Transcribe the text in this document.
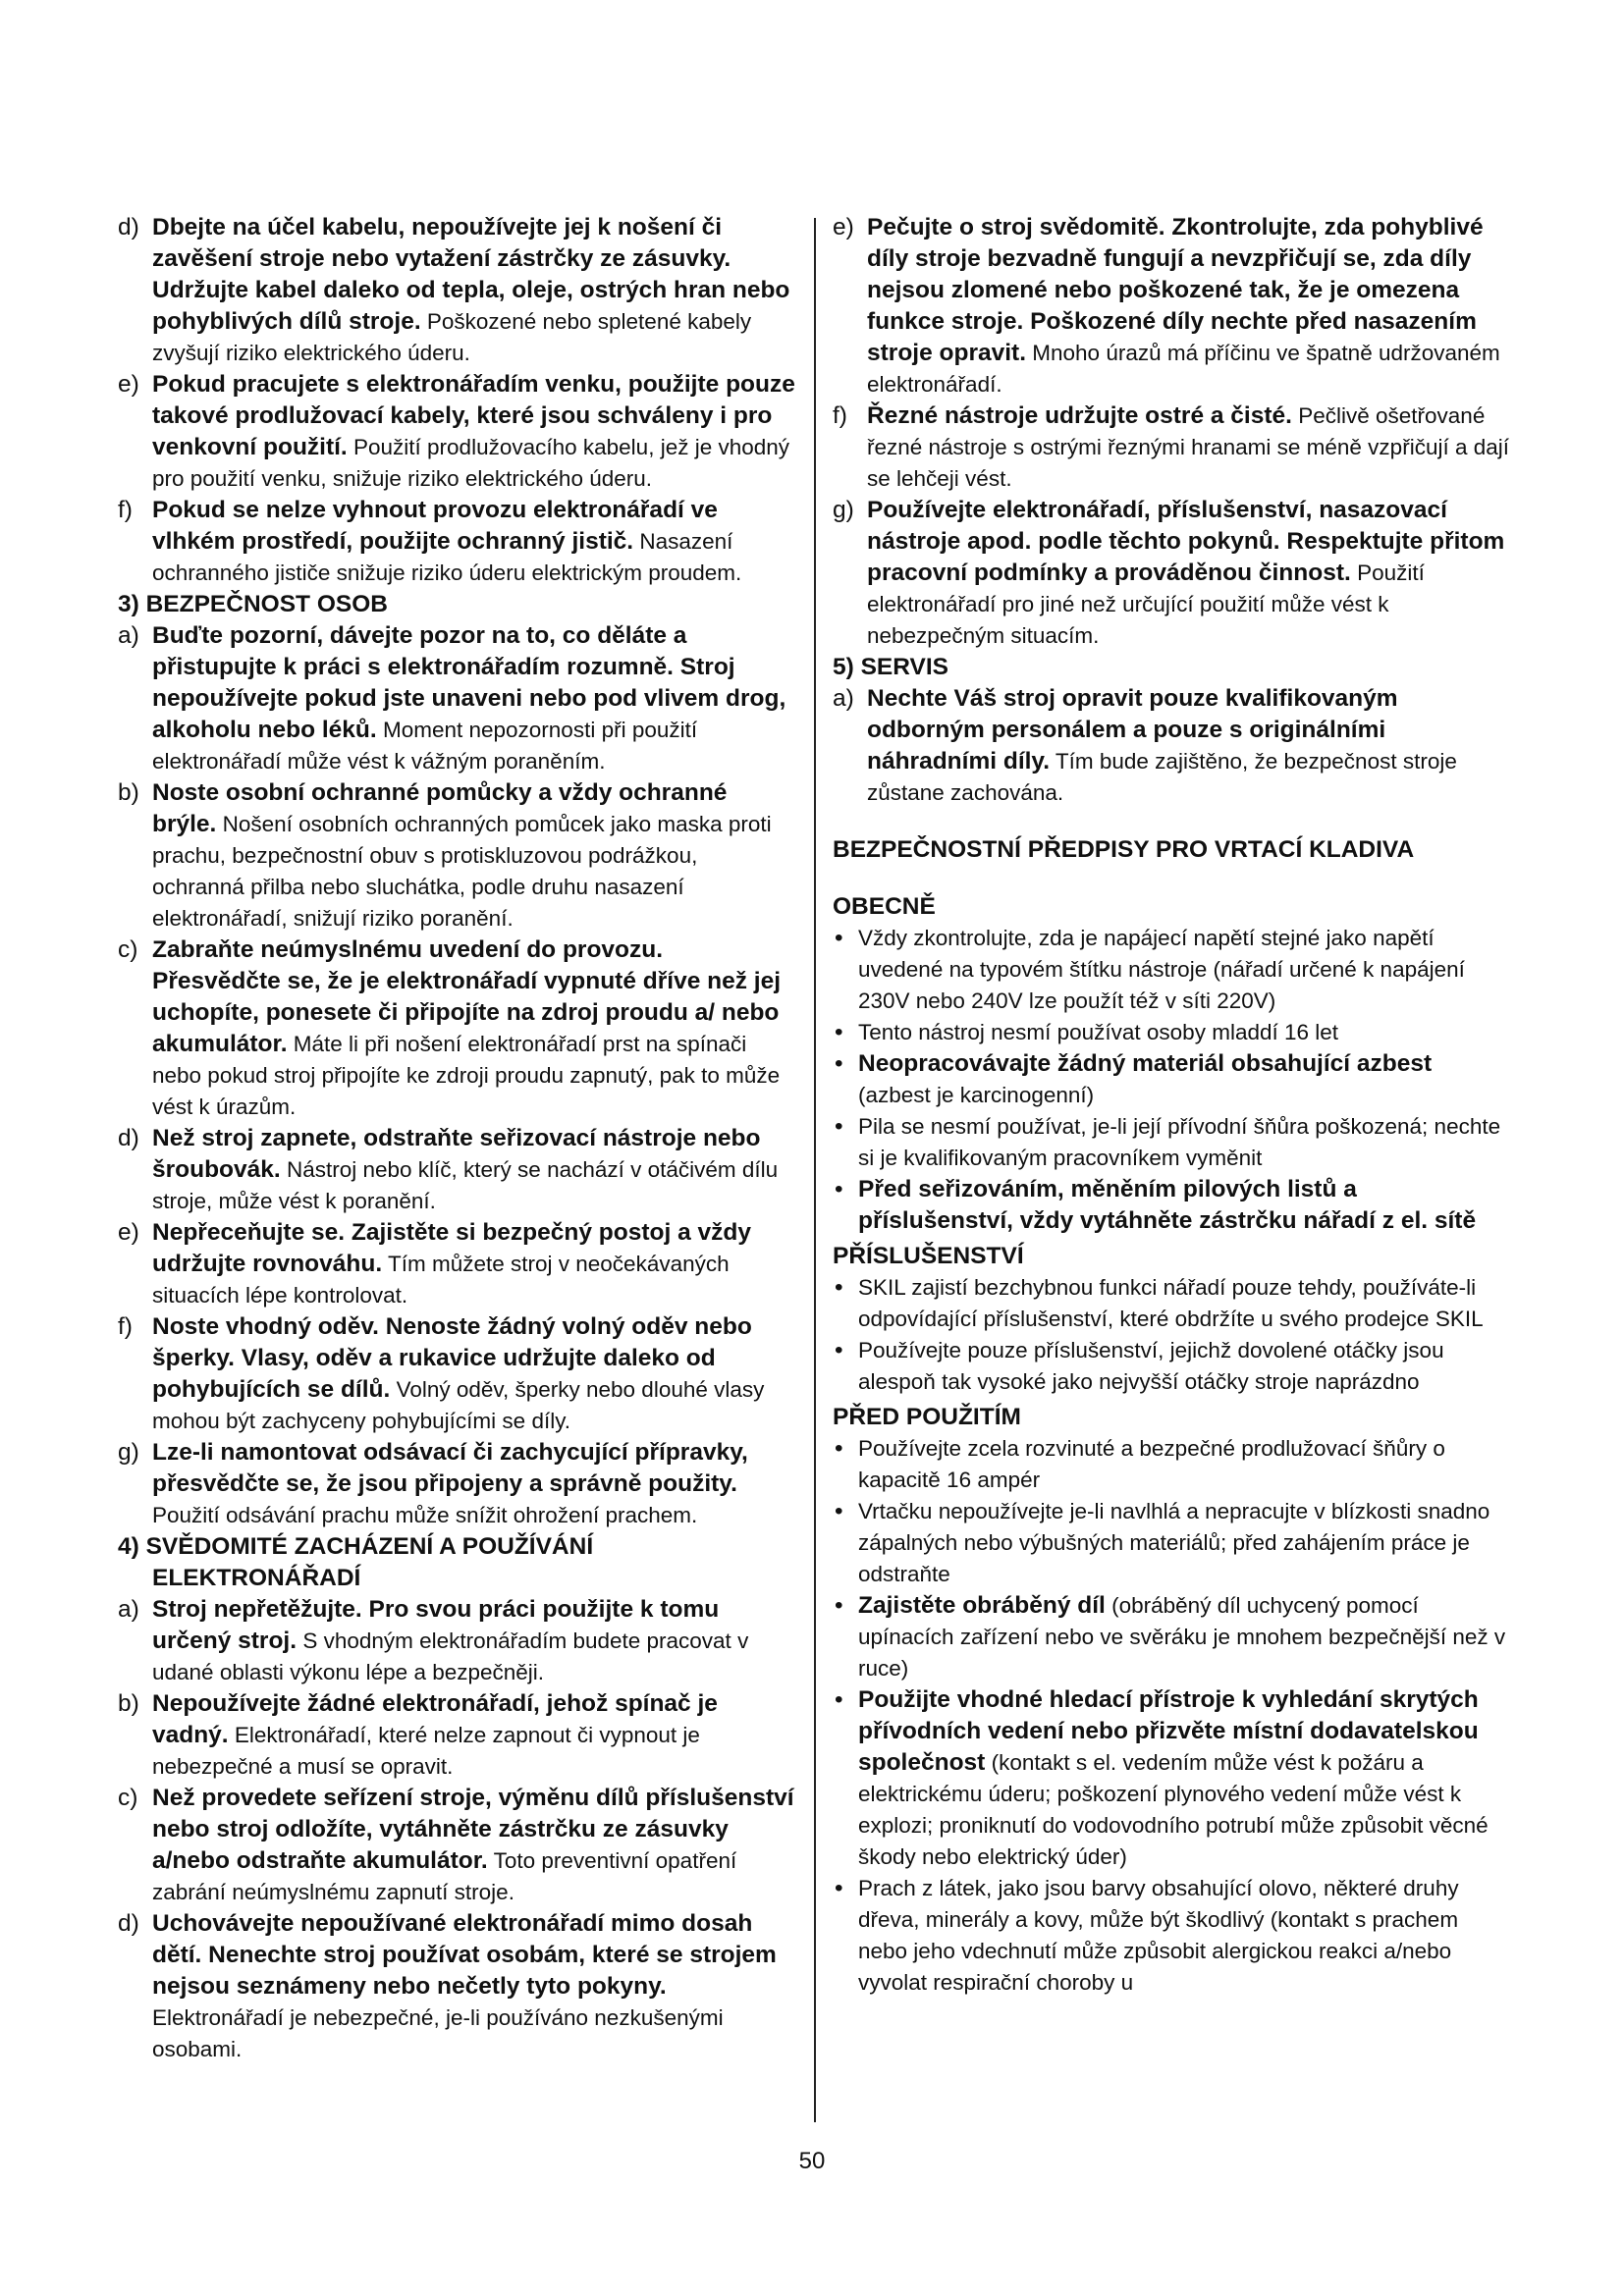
d) Dbejte na účel kabelu, nepoužívejte jej k nošení či zavěšení stroje nebo vytažení zástrčky ze zásuvky. Udržujte kabel daleko od tepla, oleje, ostrých hran nebo pohyblivých dílů stroje. Poškozené nebo spletené kabely zvyšují riziko elektrického úderu.
e) Pokud pracujete s elektronářadím venku, použijte pouze takové prodlužovací kabely, které jsou schváleny i pro venkovní použití. Použití prodlužovacího kabelu, jež je vhodný pro použití venku, snižuje riziko elektrického úderu.
f) Pokud se nelze vyhnout provozu elektronářadí ve vlhkém prostředí, použijte ochranný jistič. Nasazení ochranného jističe snižuje riziko úderu elektrickým proudem.
3) BEZPEČNOST OSOB
a) Buďte pozorní, dávejte pozor na to, co děláte a přistupujte k práci s elektronářadím rozumně. Stroj nepoužívejte pokud jste unaveni nebo pod vlivem drog, alkoholu nebo léků. Moment nepozornosti při použití elektronářadí může vést k vážným poraněním.
b) Noste osobní ochranné pomůcky a vždy ochranné brýle. Nošení osobních ochranných pomůcek jako maska proti prachu, bezpečnostní obuv s protiskluzovou podrážkou, ochranná přilba nebo sluchátka, podle druhu nasazení elektronářadí, snižují riziko poranění.
c) Zabraňte neúmyslnému uvedení do provozu. Přesvědčte se, že je elektronářadí vypnuté dříve než jej uchopíte, ponesete či připojíte na zdroj proudu a/ nebo akumulátor. Máte li při nošení elektronářadí prst na spínači nebo pokud stroj připojíte ke zdroji proudu zapnutý, pak to může vést k úrazům.
d) Než stroj zapnete, odstraňte seřizovací nástroje nebo šroubovák. Nástroj nebo klíč, který se nachází v otáčivém dílu stroje, může vést k poranění.
e) Nepřeceňujte se. Zajistěte si bezpečný postoj a vždy udržujte rovnováhu. Tím můžete stroj v neočekávaných situacích lépe kontrolovat.
f) Noste vhodný oděv. Nenoste žádný volný oděv nebo šperky. Vlasy, oděv a rukavice udržujte daleko od pohybujících se dílů. Volný oděv, šperky nebo dlouhé vlasy mohou být zachyceny pohybujícími se díly.
g) Lze-li namontovat odsávací či zachycující přípravky, přesvědčte se, že jsou připojeny a správně použity. Použití odsávání prachu může snížit ohrožení prachem.
4) SVĚDOMITÉ ZACHÁZENÍ A POUŽÍVÁNÍ ELEKTRONÁŘADÍ
a) Stroj nepřetěžujte. Pro svou práci použijte k tomu určený stroj. S vhodným elektronářadím budete pracovat v udané oblasti výkonu lépe a bezpečněji.
b) Nepoužívejte žádné elektronářadí, jehož spínač je vadný. Elektronářadí, které nelze zapnout či vypnout je nebezpečné a musí se opravit.
c) Než provedete seřízení stroje, výměnu dílů příslušenství nebo stroj odložíte, vytáhněte zástrčku ze zásuvky a/nebo odstraňte akumulátor. Toto preventivní opatření zabrání neúmyslnému zapnutí stroje.
d) Uchovávejte nepoužívané elektronářadí mimo dosah dětí. Nenechte stroj používat osobám, které se strojem nejsou seznámeny nebo nečetly tyto pokyny. Elektronářadí je nebezpečné, je-li používáno nezkušenými osobami.
e) Pečujte o stroj svědomitě. Zkontrolujte, zda pohyblivé díly stroje bezvadně fungují a nevzpřičují se, zda díly nejsou zlomené nebo poškozené tak, že je omezena funkce stroje. Poškozené díly nechte před nasazením stroje opravit. Mnoho úrazů má příčinu ve špatně udržovaném elektronářadí.
f) Řezné nástroje udržujte ostré a čisté. Pečlivě ošetřované řezné nástroje s ostrými řeznými hranami se méně vzpřičují a dají se lehčeji vést.
g) Používejte elektronářadí, příslušenství, nasazovací nástroje apod. podle těchto pokynů. Respektujte přitom pracovní podmínky a prováděnou činnost. Použití elektronářadí pro jiné než určující použití může vést k nebezpečným situacím.
5) SERVIS
a) Nechte Váš stroj opravit pouze kvalifikovaným odborným personálem a pouze s originálními náhradními díly. Tím bude zajištěno, že bezpečnost stroje zůstane zachována.
BEZPEČNOSTNÍ PŘEDPISY PRO VRTACÍ KLADIVA
OBECNĚ
• Vždy zkontrolujte, zda je napájecí napětí stejné jako napětí uvedené na typovém štítku nástroje (nářadí určené k napájení 230V nebo 240V lze použít též v síti 220V)
• Tento nástroj nesmí používat osoby mladdí 16 let
• Neopracovávajte žádný materiál obsahující azbest (azbest je karcinogenní)
• Pila se nesmí používat, je-li její přívodní šňůra poškozená; nechte si je kvalifikovaným pracovníkem vyměnit
• Před seřizováním, měněním pilových listů a příslušenství, vždy vytáhněte zástrčku nářadí z el. sítě
PŘÍSLUŠENSTVÍ
• SKIL zajistí bezchybnou funkci nářadí pouze tehdy, používáte-li odpovídající příslušenství, které obdržíte u svého prodejce SKIL
• Používejte pouze příslušenství, jejichž dovolené otáčky jsou alespoň tak vysoké jako nejvyšší otáčky stroje naprázdno
PŘED POUŽITÍM
• Používejte zcela rozvinuté a bezpečné prodlužovací šňůry o kapacitě 16 ampér
• Vrtačku nepoužívejte je-li navlhlá a nepracujte v blízkosti snadno zápalných nebo výbušných materiálů; před zahájením práce je odstraňte
• Zajistěte obráběný díl (obráběný díl uchycený pomocí upínacích zařízení nebo ve svěráku je mnohem bezpečnější než v ruce)
• Použijte vhodné hledací přístroje k vyhledání skrytých přívodních vedení nebo přizvěte místní dodavatelskou společnost (kontakt s el. vedením může vést k požáru a elektrickému úderu; poškození plynového vedení může vést k explozi; proniknutí do vodovodního potrubí může způsobit věcné škody nebo elektrický úder)
• Prach z látek, jako jsou barvy obsahující olovo, některé druhy dřeva, minerály a kovy, může být škodlivý (kontakt s prachem nebo jeho vdechnutí může způsobit alergickou reakci a/nebo vyvolat respirační choroby u
50
